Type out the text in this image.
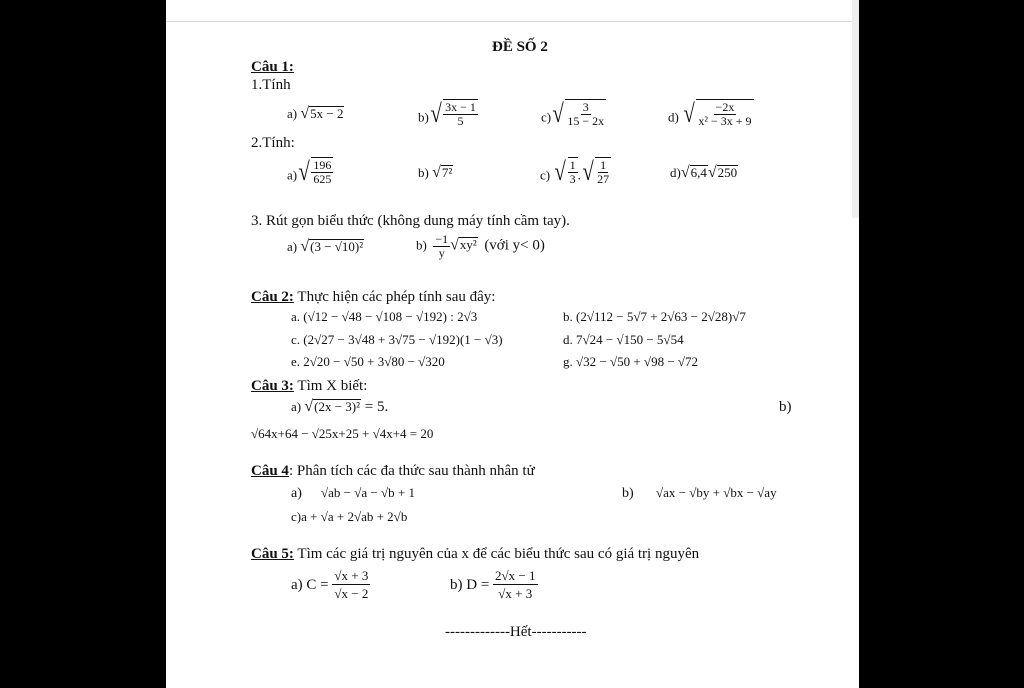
ĐỀ SỐ 2
Câu 1:
1.Tính
a) √5x − 2	b) √ $\frac{3x - 1}{5}$	c) √ $\frac{3}{15 - 2x}$	d) √ $\frac{-2x}{\text{x² − 3x + 9}}$
2.Tính:
a) √ $\frac{196}{625}$	b) √7²	c) √ $\frac{1}{3}$ . √ $\frac{1}{27}$	d)√6,4√250
3. Rút gọn biểu thức (không dung máy tính cầm tay).
a) √(3 − √10)²	$b) \frac{-1}{y} √xy^2$ (với y< 0)
Câu 2: Thực hiện các phép tính sau đây:
a. (√12 − √48 − √108 − √192) : 2√3	b. (2√112 − 5√7 + 2√63 − 2√28)√7
c. (2√27 − 3√48 + 3√75 − √192)(1 − √3)	d. 7√24 − √150 − 5√54
e. 2√20 − √50 + 3√80 − √320	g. √32 − √50 + √98 − √72
Câu 3: Tìm X biết:
a) √(2x − 3)² = 5.	b)
√64x+64 − √25x+25 + √4x+4 = 20
Câu 4: Phân tích các đa thức sau thành nhân tử
a) √ab − √a − √b + 1	b) √ax − √by + √bx − √ay
c)a + √a + 2√ab + 2√b
Câu 5: Tìm các giá trị nguyên của x để các biểu thức sau có giá trị nguyên
a) C =
$\frac{√x + 3}{√x - 2}$	b) D =
$\frac{2√x - 1}{√x + 3}$
-------------Hết-----------
